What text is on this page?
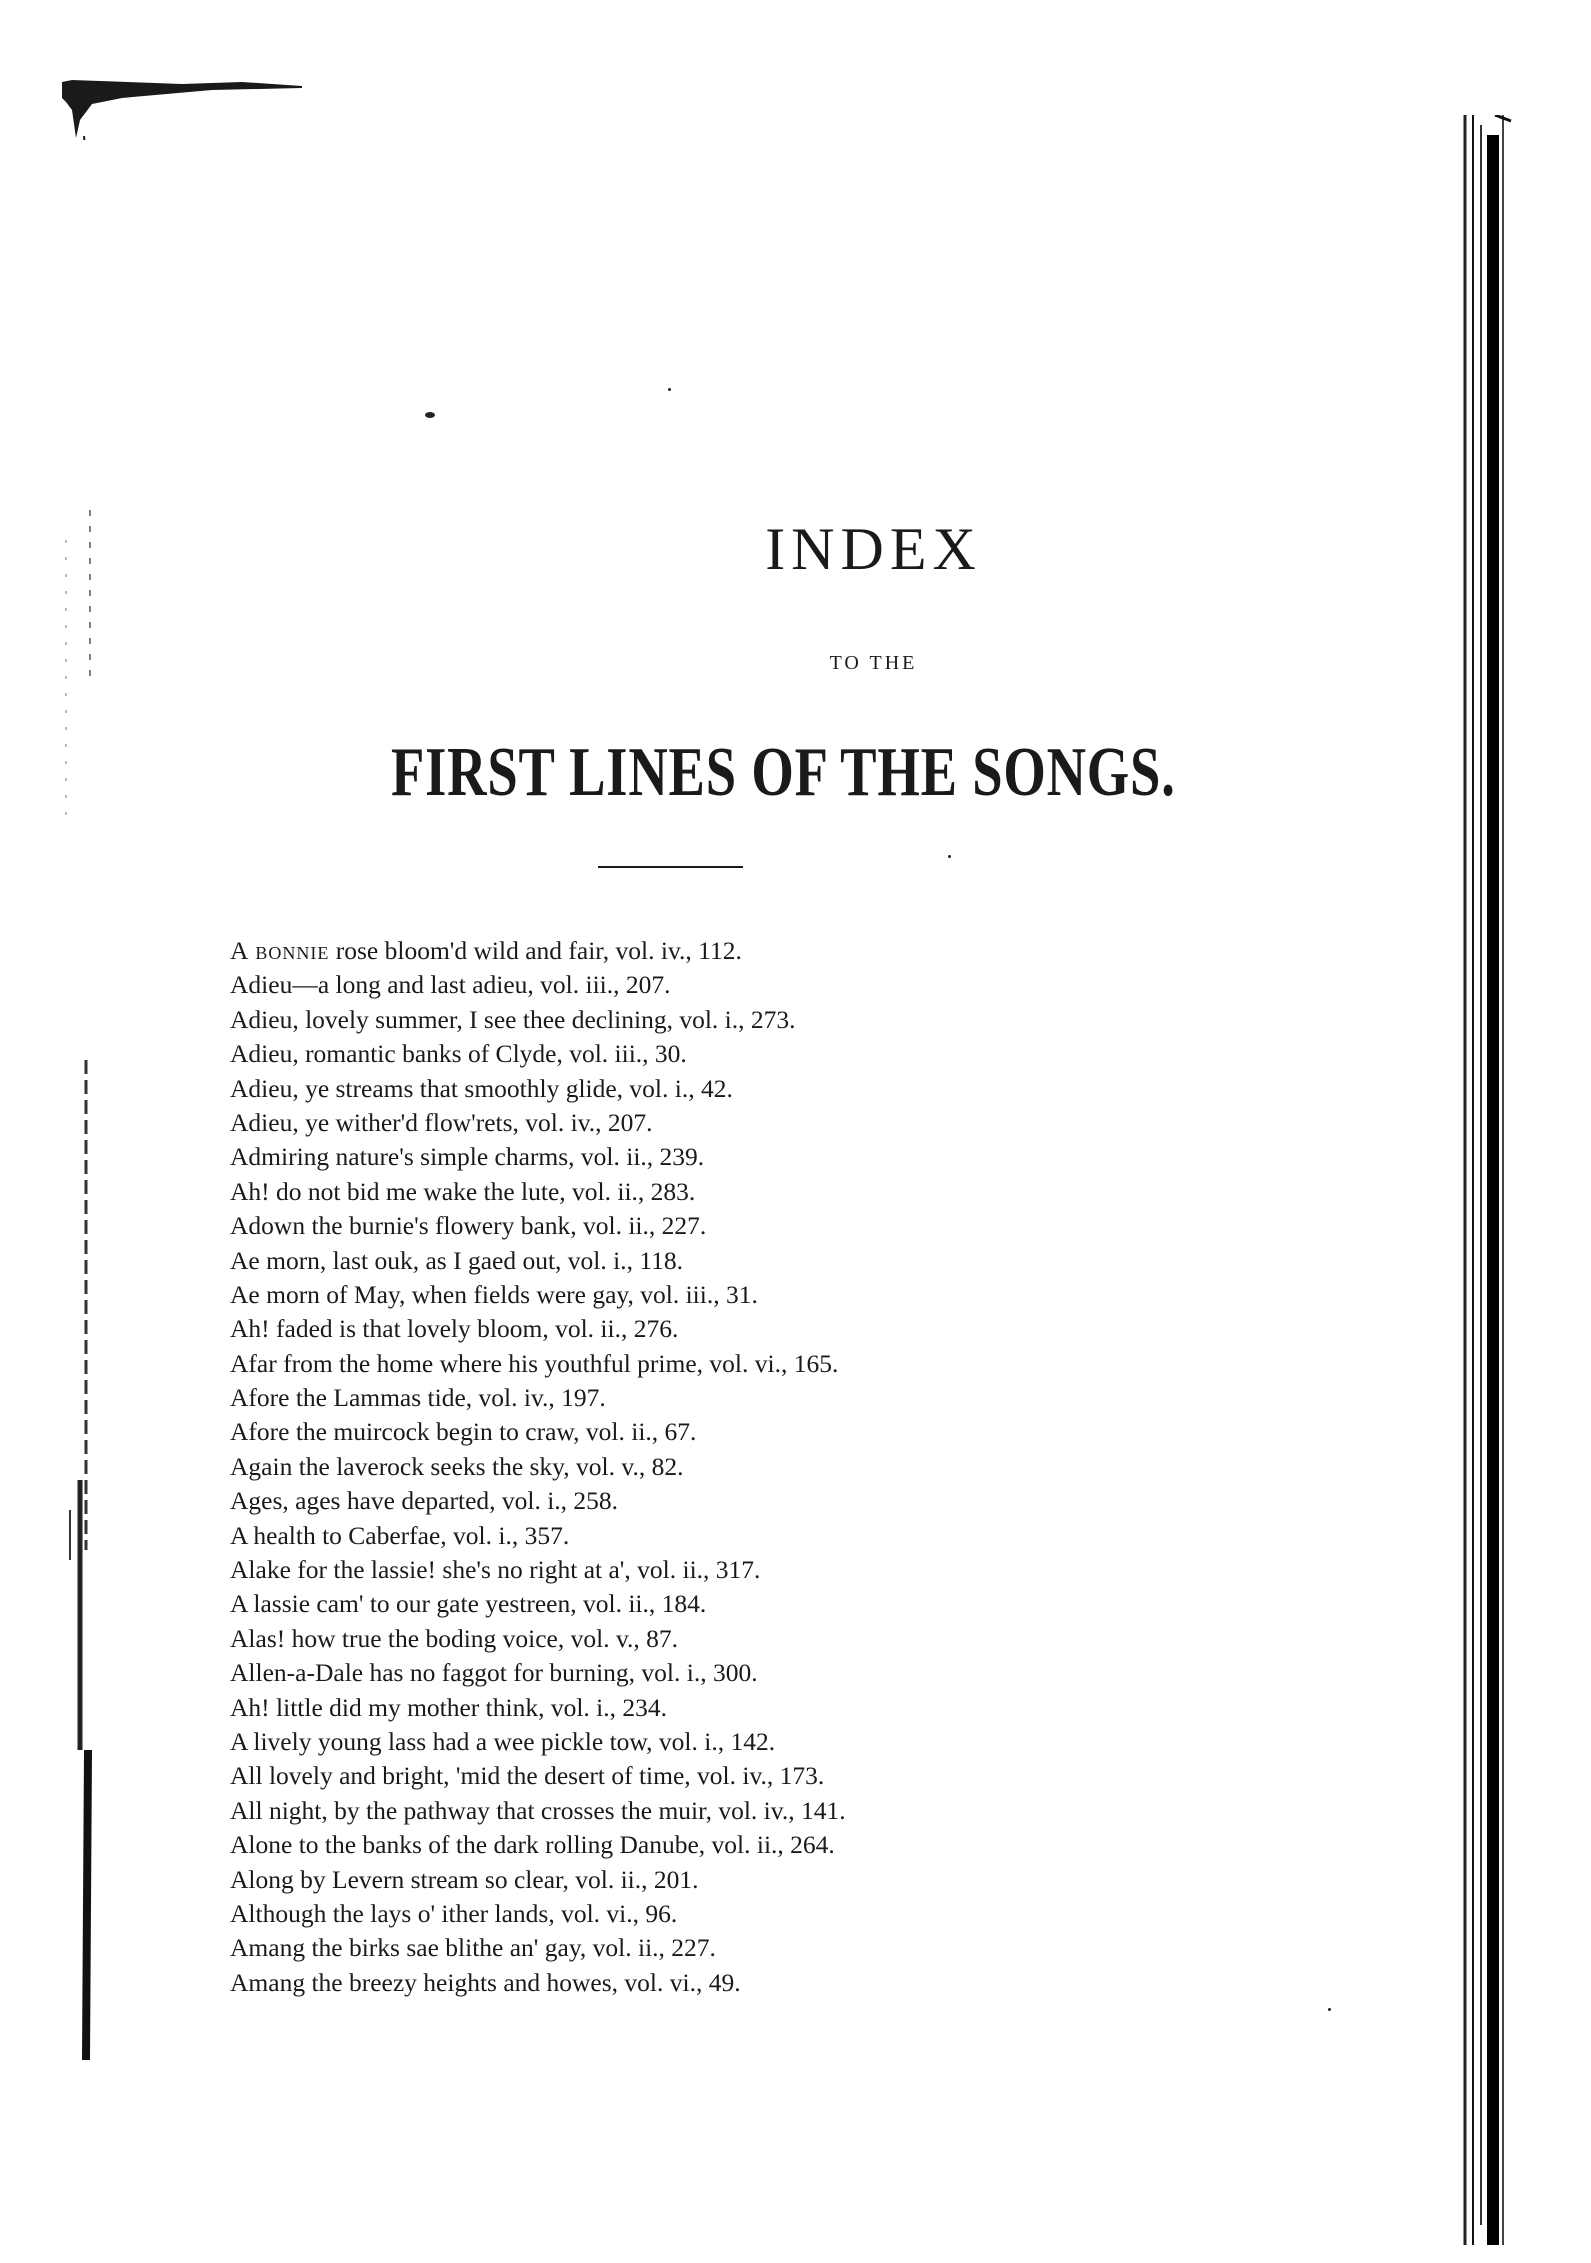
INDEX
TO THE
FIRST LINES OF THE SONGS.
A bonnie rose bloom'd wild and fair, vol. iv., 112.
Adieu—a long and last adieu, vol. iii., 207.
Adieu, lovely summer, I see thee declining, vol. i., 273.
Adieu, romantic banks of Clyde, vol. iii., 30.
Adieu, ye streams that smoothly glide, vol. i., 42.
Adieu, ye wither'd flow'rets, vol. iv., 207.
Admiring nature's simple charms, vol. ii., 239.
Ah! do not bid me wake the lute, vol. ii., 283.
Adown the burnie's flowery bank, vol. ii., 227.
Ae morn, last ouk, as I gaed out, vol. i., 118.
Ae morn of May, when fields were gay, vol. iii., 31.
Ah! faded is that lovely bloom, vol. ii., 276.
Afar from the home where his youthful prime, vol. vi., 165.
Afore the Lammas tide, vol. iv., 197.
Afore the muircock begin to craw, vol. ii., 67.
Again the laverock seeks the sky, vol. v., 82.
Ages, ages have departed, vol. i., 258.
A health to Caberfae, vol. i., 357.
Alake for the lassie! she's no right at a', vol. ii., 317.
A lassie cam' to our gate yestreen, vol. ii., 184.
Alas! how true the boding voice, vol. v., 87.
Allen-a-Dale has no faggot for burning, vol. i., 300.
Ah! little did my mother think, vol. i., 234.
A lively young lass had a wee pickle tow, vol. i., 142.
All lovely and bright, 'mid the desert of time, vol. iv., 173.
All night, by the pathway that crosses the muir, vol. iv., 141.
Alone to the banks of the dark rolling Danube, vol. ii., 264.
Along by Levern stream so clear, vol. ii., 201.
Although the lays o' ither lands, vol. vi., 96.
Amang the birks sae blithe an' gay, vol. ii., 227.
Amang the breezy heights and howes, vol. vi., 49.
